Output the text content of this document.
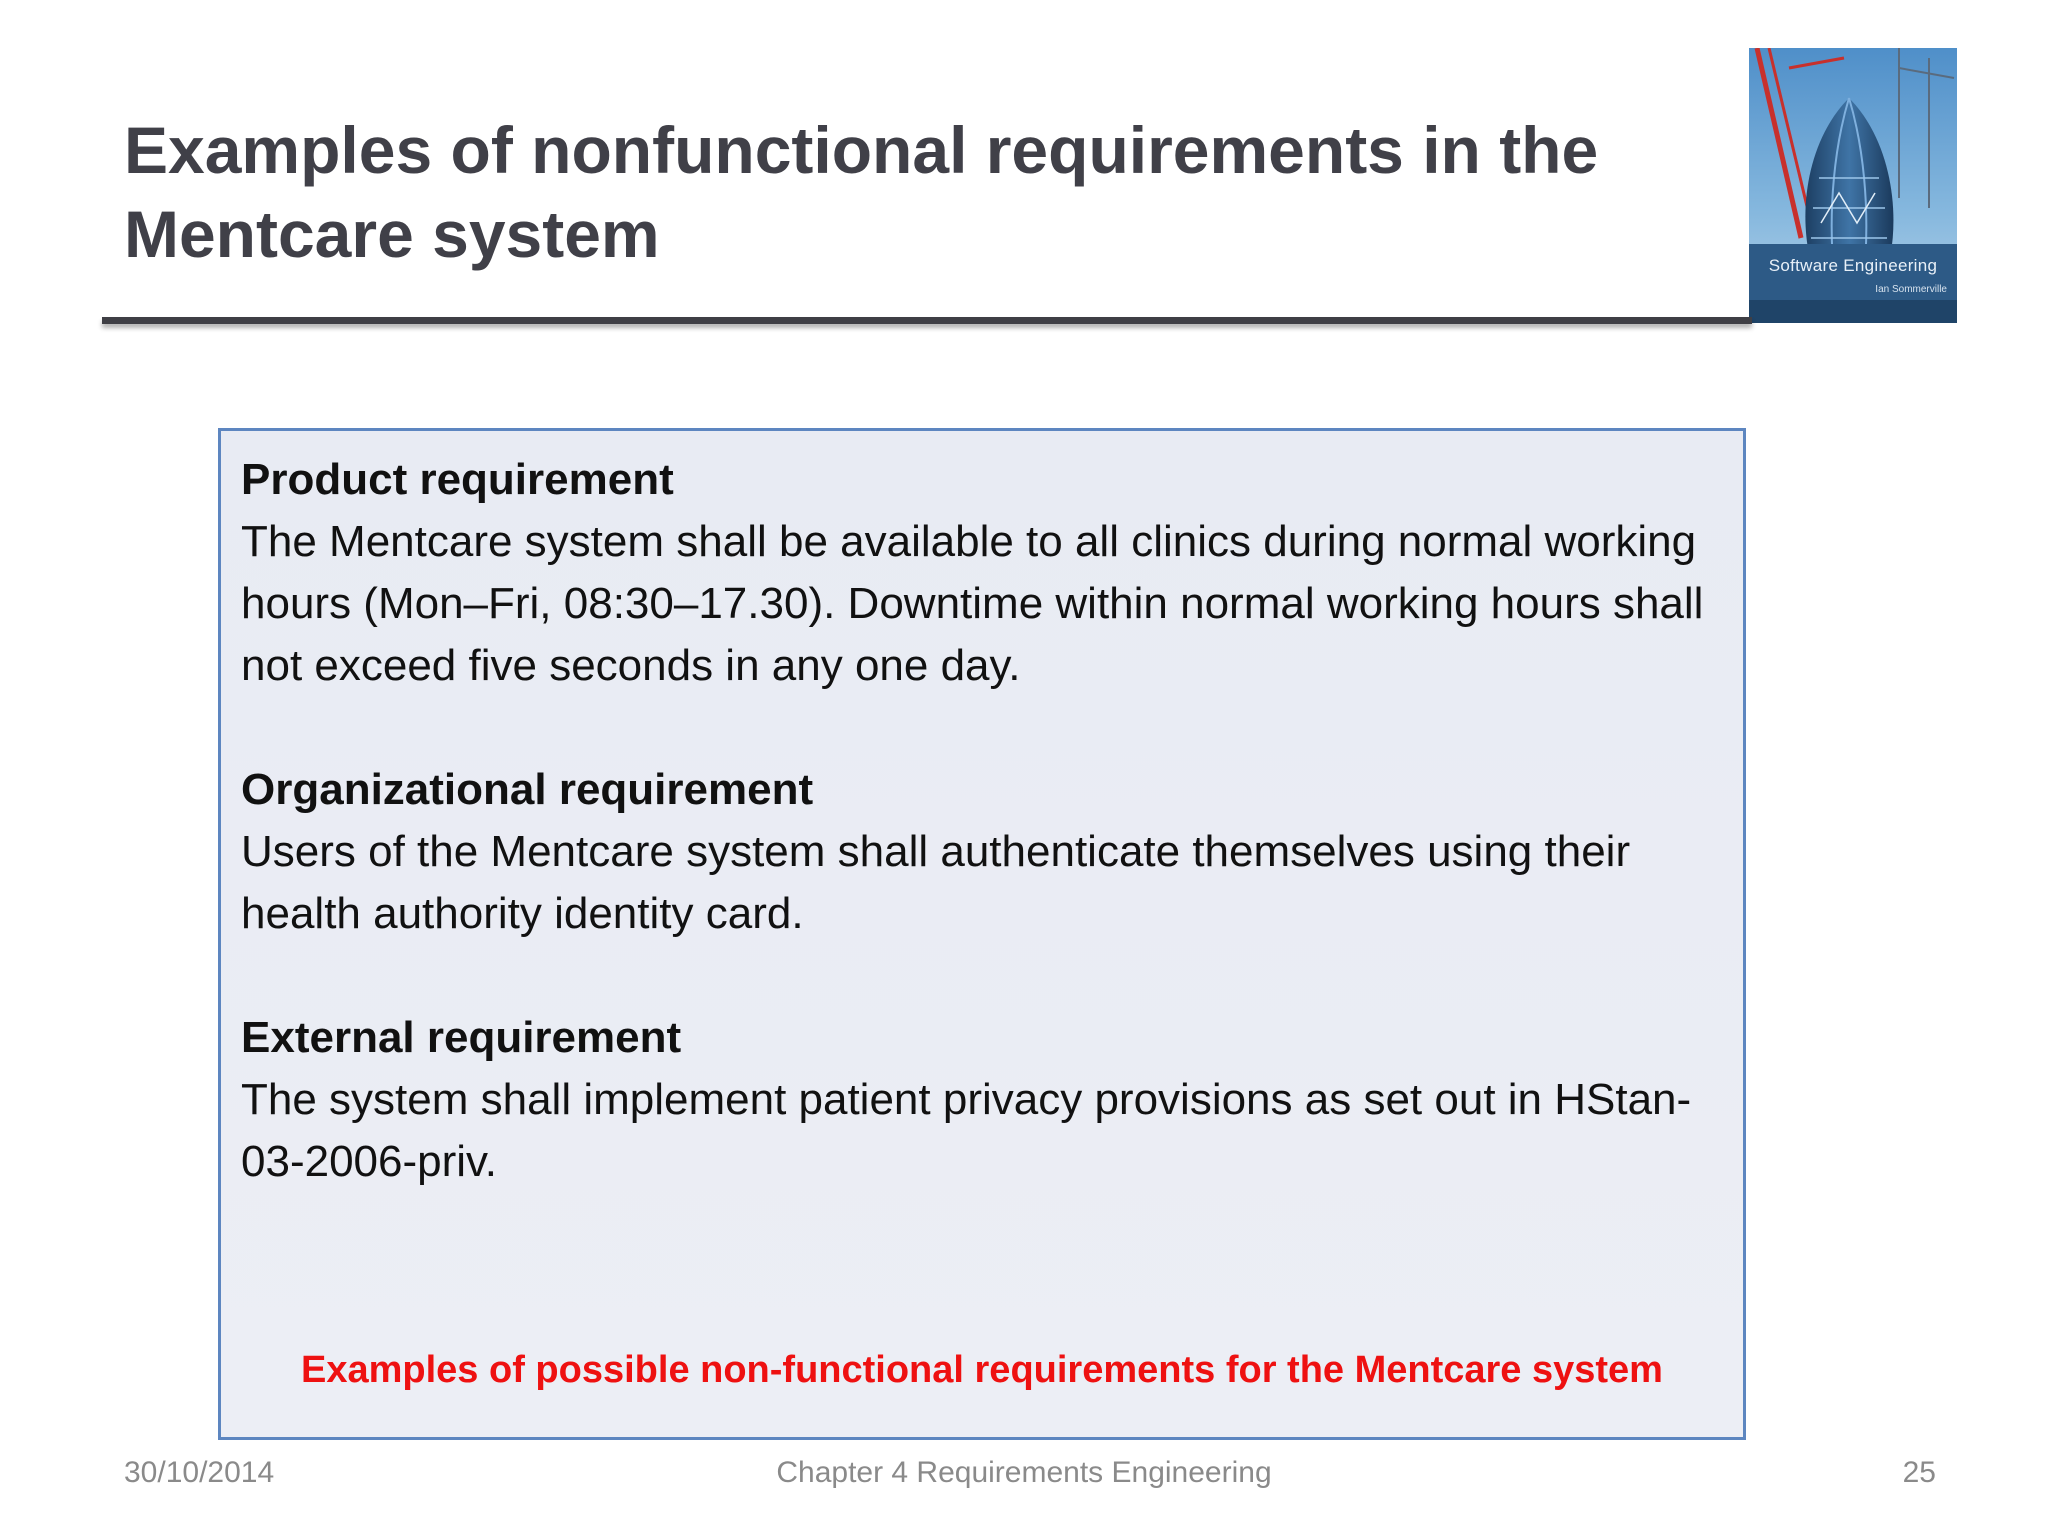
Examples of nonfunctional requirements in the Mentcare system	Software Engineering
Ian Sommerville
Product requirement
The Mentcare system shall be available to all clinics during normal working hours (Mon–Fri, 08:30–17.30). Downtime within normal working hours shall not exceed five seconds in any one day.
Organizational requirement
Users of the Mentcare system shall authenticate themselves using their health authority identity card.
External requirement
The system shall implement patient privacy provisions as set out in HStan-03-2006-priv.
Examples of possible non-functional requirements for the Mentcare system
30/10/2014	Chapter 4 Requirements Engineering	25
